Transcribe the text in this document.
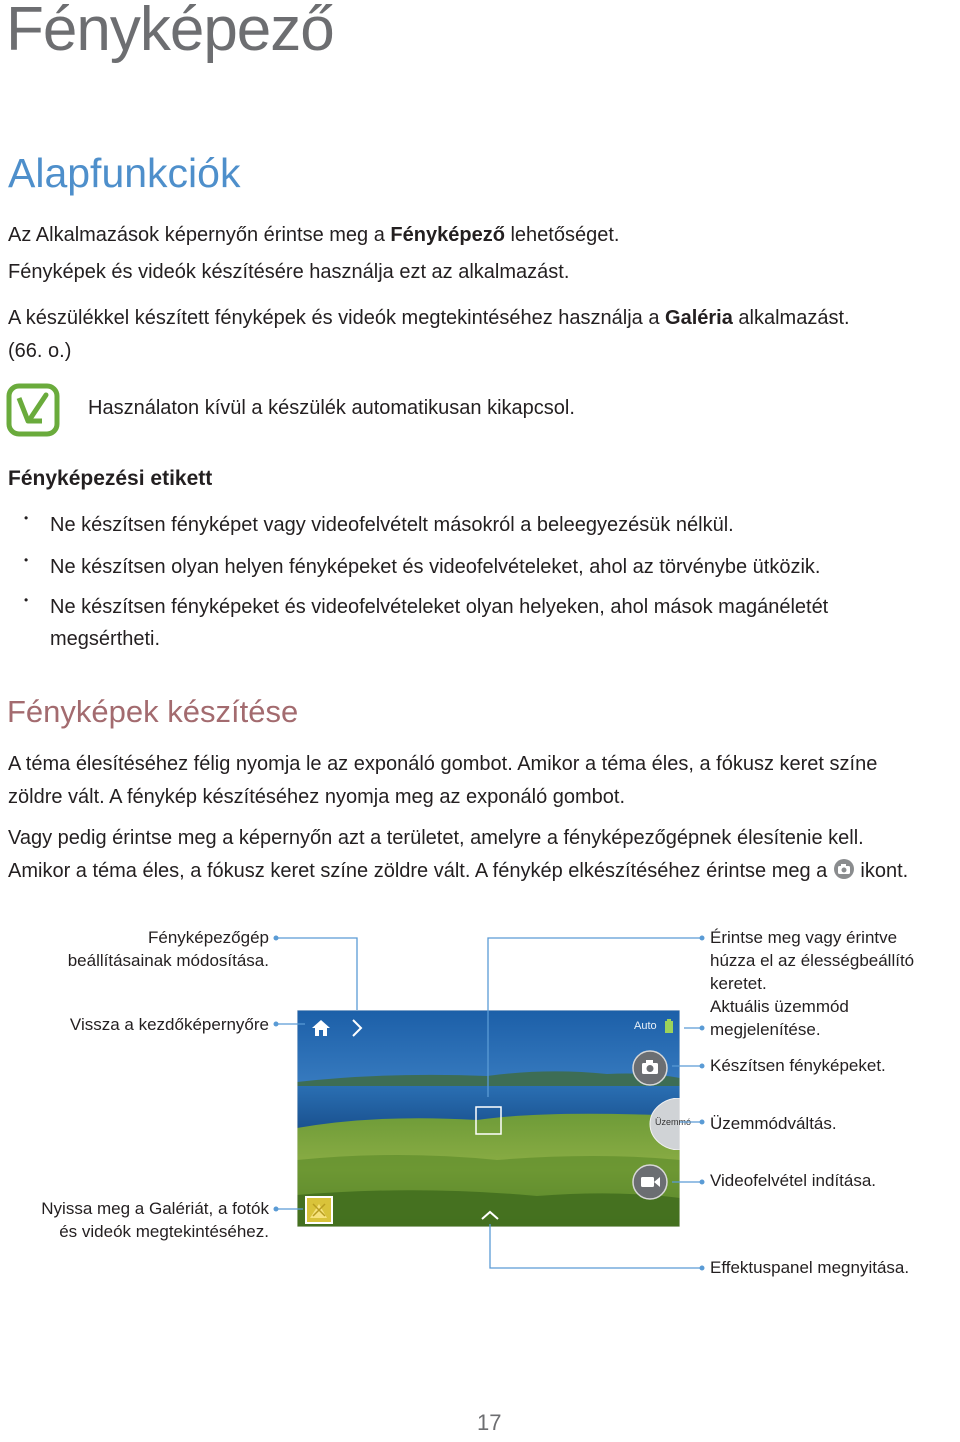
Fényképező
Alapfunkciók
Az Alkalmazások képernyőn érintse meg a Fényképező lehetőséget.
Fényképek és videók készítésére használja ezt az alkalmazást.
A készülékkel készített fényképek és videók megtekintéséhez használja a Galéria alkalmazást.
(66. o.)
Használaton kívül a készülék automatikusan kikapcsol.
Fényképezési etikett
• Ne készítsen fényképet vagy videofelvételt másokról a beleegyezésük nélkül.
• Ne készítsen olyan helyen fényképeket és videofelvételeket, ahol az törvénybe ütközik.
• Ne készítsen fényképeket és videofelvételeket olyan helyeken, ahol mások magánéletét
megsértheti.
Fényképek készítése
A téma élesítéséhez félig nyomja le az exponáló gombot. Amikor a téma éles, a fókusz keret színe
zöldre vált. A fénykép készítéséhez nyomja meg az exponáló gombot.
Vagy pedig érintse meg a képernyőn azt a területet, amelyre a fényképezőgépnek élesítenie kell.
Amikor a téma éles, a fókusz keret színe zöldre vált. A fénykép elkészítéséhez érintse meg a ikont.
Auto
Üzemmó
Fényképezőgép
beállításainak módosítása.
Vissza a kezdőképernyőre
Nyissa meg a Galériát, a fotók
és videók megtekintéséhez.
Érintse meg vagy érintve
húzza el az élességbeállító
keretet.
Aktuális üzemmód
megjelenítése.
Készítsen fényképeket.
Üzemmódváltás.
Videofelvétel indítása.
Effektuspanel megnyitása.
17
